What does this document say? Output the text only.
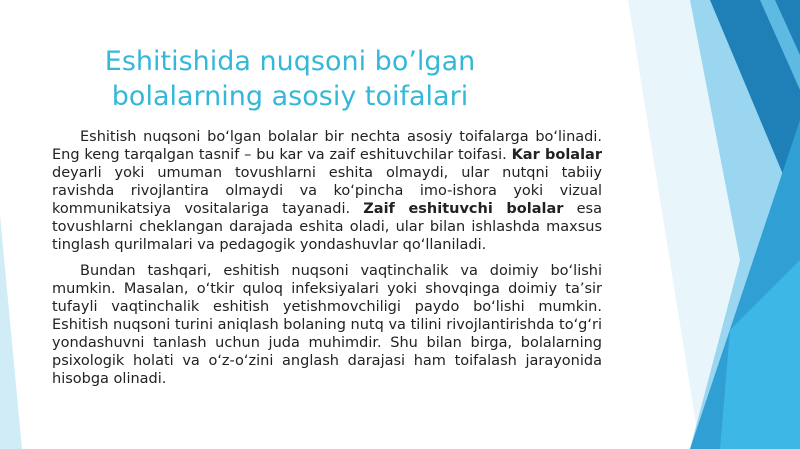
Eshitishida nuqsoni bo’lgan
bolalarning asosiy toifalari

Eshitish nuqsoni bo‘lgan bolalar bir nechta asosiy toifalarga bo‘linadi. Eng keng tarqalgan tasnif – bu kar va zaif eshituvchilar toifasi. Kar bolalar deyarli yoki umuman tovushlarni eshita olmaydi, ular nutqni tabiiy ravishda rivojlantira olmaydi va ko‘pincha imo-ishora yoki vizual kommunikatsiya vositalariga tayanadi. Zaif eshituvchi bolalar esa tovushlarni cheklangan darajada eshita oladi, ular bilan ishlashda maxsus tinglash qurilmalari va pedagogik yondashuvlar qo‘llaniladi.

Bundan tashqari, eshitish nuqsoni vaqtinchalik va doimiy bo‘lishi mumkin. Masalan, o‘tkir quloq infeksiyalari yoki shovqinga doimiy ta’sir tufayli vaqtinchalik eshitish yetishmovchiligi paydo bo‘lishi mumkin. Eshitish nuqsoni turini aniqlash bolaning nutq va tilini rivojlantirishda to‘g‘ri yondashuvni tanlash uchun juda muhimdir. Shu bilan birga, bolalarning psixologik holati va o‘z-o‘zini anglash darajasi ham toifalash jarayonida hisobga olinadi.
